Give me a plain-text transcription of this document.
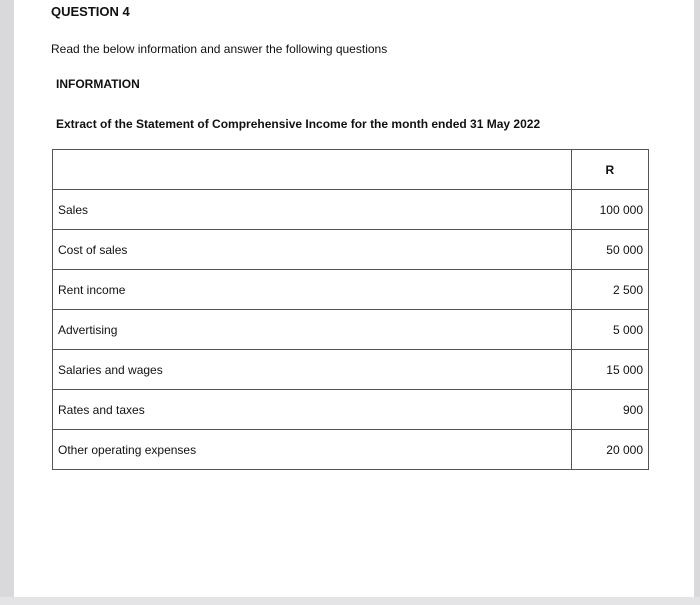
QUESTION 4
Read the below information and answer the following questions
INFORMATION
Extract of the Statement of Comprehensive Income for the month ended 31 May 2022
	R
Sales	100 000
Cost of sales	50 000
Rent income	2 500
Advertising	5 000
Salaries and wages	15 000
Rates and taxes	900
Other operating expenses	20 000
